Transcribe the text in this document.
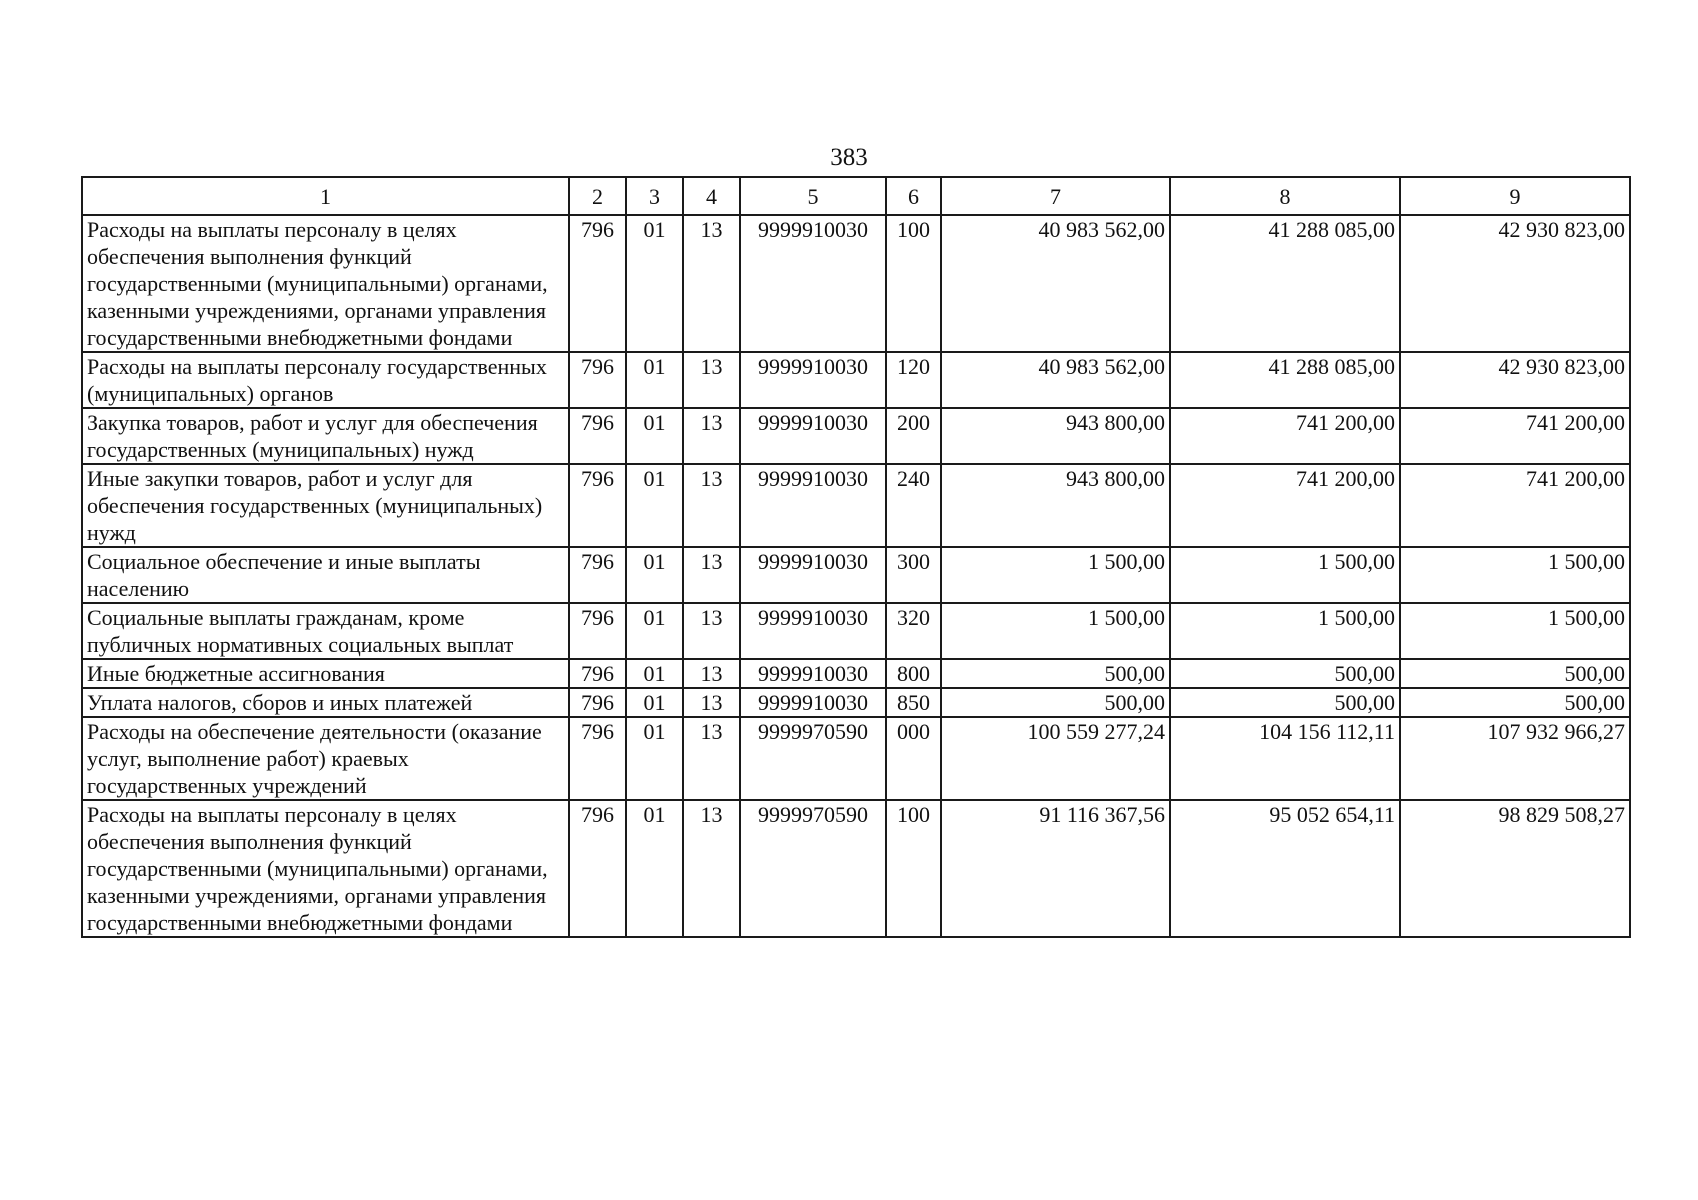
383
1	2	3	4	5	6	7	8	9
Расходы на выплаты персоналу в целях обеспечения выполнения функций государственными (муниципальными) органами, казенными учреждениями, органами управления государственными внебюджетными фондами	796	01	13	9999910030	100	40 983 562,00	41 288 085,00	42 930 823,00
Расходы на выплаты персоналу государственных (муниципальных) органов	796	01	13	9999910030	120	40 983 562,00	41 288 085,00	42 930 823,00
Закупка товаров, работ и услуг для обеспечения государственных (муниципальных) нужд	796	01	13	9999910030	200	943 800,00	741 200,00	741 200,00
Иные закупки товаров, работ и услуг для обеспечения государственных (муниципальных) нужд	796	01	13	9999910030	240	943 800,00	741 200,00	741 200,00
Социальное обеспечение и иные выплаты населению	796	01	13	9999910030	300	1 500,00	1 500,00	1 500,00
Социальные выплаты гражданам, кроме публичных нормативных социальных выплат	796	01	13	9999910030	320	1 500,00	1 500,00	1 500,00
Иные бюджетные ассигнования	796	01	13	9999910030	800	500,00	500,00	500,00
Уплата налогов, сборов и иных платежей	796	01	13	9999910030	850	500,00	500,00	500,00
Расходы на обеспечение деятельности (оказание услуг, выполнение работ) краевых государственных учреждений	796	01	13	9999970590	000	100 559 277,24	104 156 112,11	107 932 966,27
Расходы на выплаты персоналу в целях обеспечения выполнения функций государственными (муниципальными) органами, казенными учреждениями, органами управления государственными внебюджетными фондами	796	01	13	9999970590	100	91 116 367,56	95 052 654,11	98 829 508,27
